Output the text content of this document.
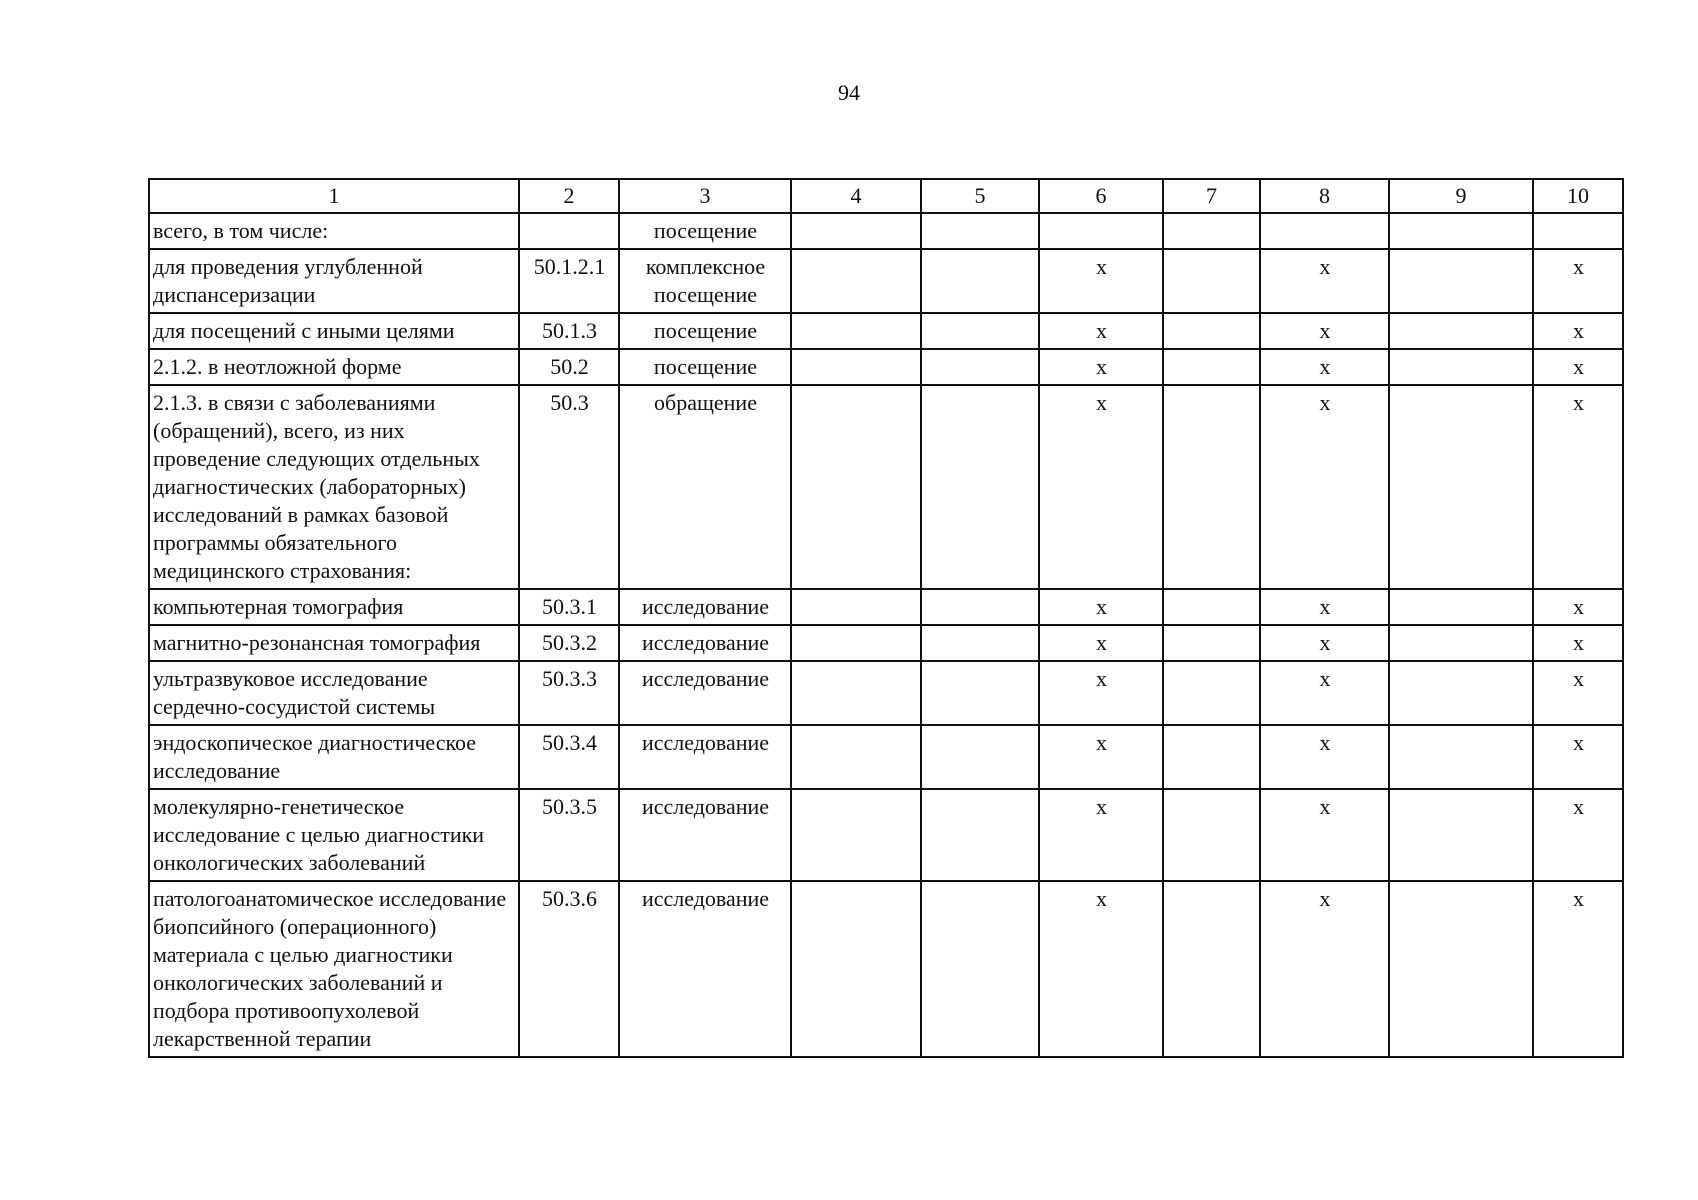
94
1	2	3	4	5	6	7	8	9	10
всего, в том числе:		посещение							
для проведения углубленной диспансеризации	50.1.2.1	комплексное посещение			x		x		x
для посещений с иными целями	50.1.3	посещение			x		x		x
2.1.2. в неотложной форме	50.2	посещение			x		x		x
2.1.3. в связи с заболеваниями (обращений), всего, из них проведение следующих отдельных диагностических (лабораторных) исследований в рамках базовой программы обязательного медицинского страхования:	50.3	обращение			x		x		x
компьютерная томография	50.3.1	исследование			x		x		x
магнитно-резонансная томография	50.3.2	исследование			x		x		x
ультразвуковое исследование сердечно-сосудистой системы	50.3.3	исследование			x		x		x
эндоскопическое диагностическое исследование	50.3.4	исследование			x		x		x
молекулярно-генетическое исследование с целью диагностики онкологических заболеваний	50.3.5	исследование			x		x		x
патологоанатомическое исследование биопсийного (операционного) материала с целью диагностики онкологических заболеваний и подбора противоопухолевой лекарственной терапии	50.3.6	исследование			x		x		x
